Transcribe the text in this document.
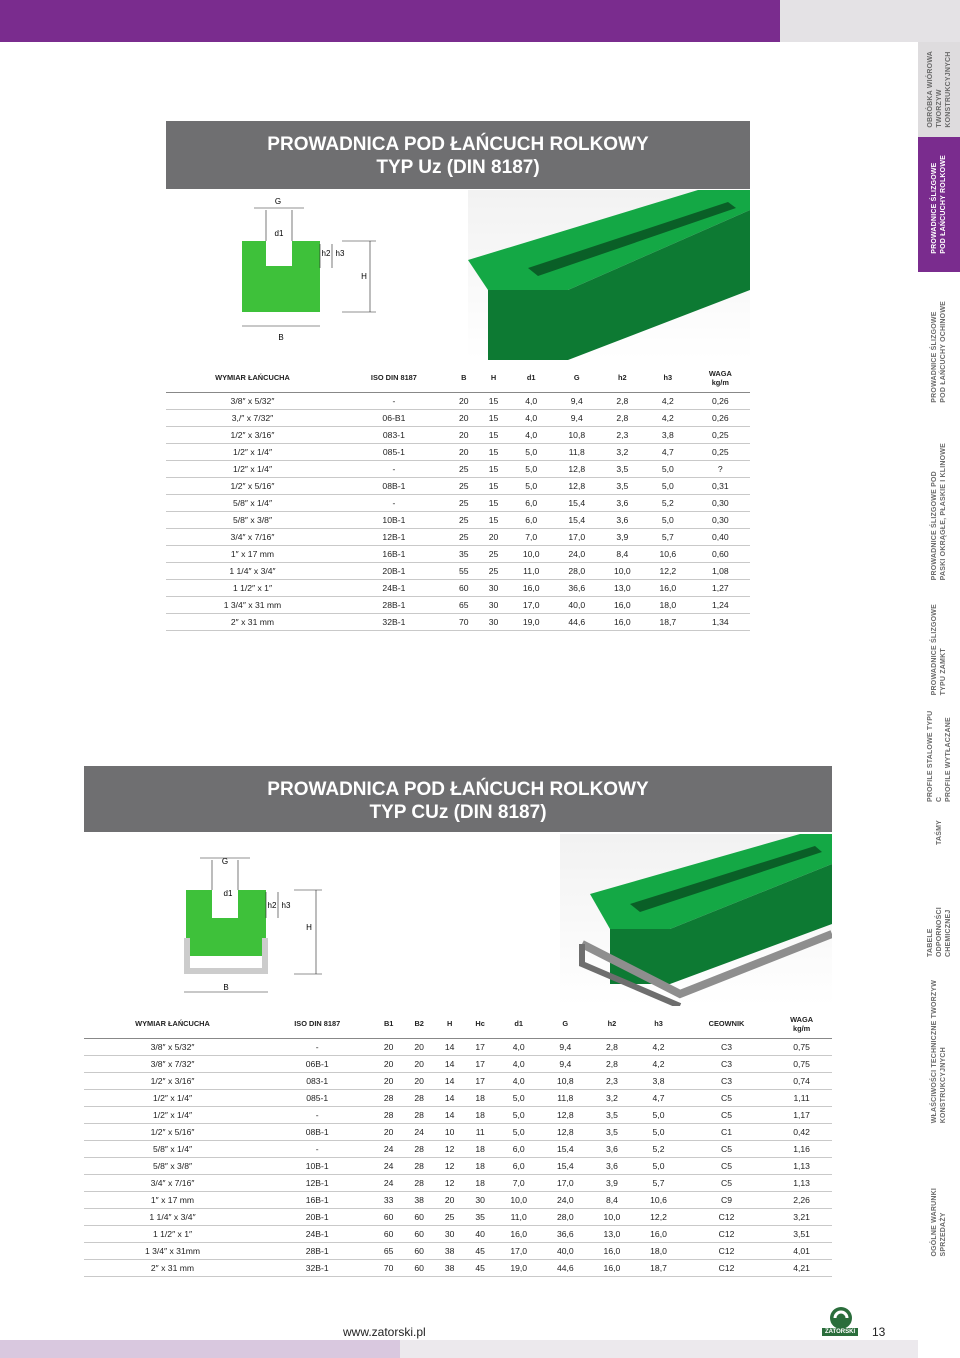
OBRÓBKA WIÓROWA
TWORZYW
KONSTRUKCYJNYCH
PROWADNICE ŚLIZGOWE
POD ŁAŃCUCHY ROLKOWE
PROWADNICE ŚLIZGOWE
POD ŁAŃCUCHY OCHINOWE
PROWADNICE ŚLIZGOWE POD
PASKI OKRĄGŁE, PŁASKIE I KLINOWE
PROWADNICE ŚLIZGOWE
TYPU ZAMKT
PROFILE STALOWE TYPU C
PROFILE WYTŁACZANE
TAŚMY
TABELE
ODPORNOŚCI CHEMICZNEJ
WŁAŚCIWOŚCI TECHNICZNE TWORZYW
KONSTRUKCYJNYCH
OGÓLNE WARUNKI
SPRZEDAŻY
PROWADNICA POD ŁAŃCUCH ROLKOWY
TYP Uz (DIN 8187)
G
d1
h2 h3
H
B
WYMIAR ŁAŃCUCHA	ISO DIN 8187	B	H	d1	G	h2	h3	WAGA
kg/m
3/8″ x 5/32″	-	20	15	4,0	9,4	2,8	4,2	0,26
3,/″ x 7/32″	06-B1	20	15	4,0	9,4	2,8	4,2	0,26
1/2″ x 3/16″	083-1	20	15	4,0	10,8	2,3	3,8	0,25
1/2″ x 1/4″	085-1	20	15	5,0	11,8	3,2	4,7	0,25
1/2″ x 1/4″	-	25	15	5,0	12,8	3,5	5,0	?
1/2″ x 5/16″	08B-1	25	15	5,0	12,8	3,5	5,0	0,31
5/8″ x 1/4″	-	25	15	6,0	15,4	3,6	5,2	0,30
5/8″ x 3/8″	10B-1	25	15	6,0	15,4	3,6	5,0	0,30
3/4″ x 7/16″	12B-1	25	20	7,0	17,0	3,9	5,7	0,40
1″ x 17 mm	16B-1	35	25	10,0	24,0	8,4	10,6	0,60
1 1/4″ x 3/4″	20B-1	55	25	11,0	28,0	10,0	12,2	1,08
1 1/2″ x 1″	24B-1	60	30	16,0	36,6	13,0	16,0	1,27
1 3/4″ x 31 mm	28B-1	65	30	17,0	40,0	16,0	18,0	1,24
2″ x 31 mm	32B-1	70	30	19,0	44,6	16,0	18,7	1,34
PROWADNICA POD ŁAŃCUCH ROLKOWY
TYP CUz (DIN 8187)
G
d1
h2 h3
H
B
WYMIAR ŁAŃCUCHA	ISO DIN 8187	B1	B2	H	Hc	d1	G	h2	h3	CEOWNIK	WAGA
kg/m
3/8″ x 5/32″	-	20	20	14	17	4,0	9,4	2,8	4,2	C3	0,75
3/8″ x 7/32″	06B-1	20	20	14	17	4,0	9,4	2,8	4,2	C3	0,75
1/2″ x 3/16″	083-1	20	20	14	17	4,0	10,8	2,3	3,8	C3	0,74
1/2″ x 1/4″	085-1	28	28	14	18	5,0	11,8	3,2	4,7	C5	1,11
1/2″ x 1/4″	-	28	28	14	18	5,0	12,8	3,5	5,0	C5	1,17
1/2″ x 5/16″	08B-1	20	24	10	11	5,0	12,8	3,5	5,0	C1	0,42
5/8″ x 1/4″	-	24	28	12	18	6,0	15,4	3,6	5,2	C5	1,16
5/8″ x 3/8″	10B-1	24	28	12	18	6,0	15,4	3,6	5,0	C5	1,13
3/4″ x 7/16″	12B-1	24	28	12	18	7,0	17,0	3,9	5,7	C5	1,13
1″ x 17 mm	16B-1	33	38	20	30	10,0	24,0	8,4	10,6	C9	2,26
1 1/4″ x 3/4″	20B-1	60	60	25	35	11,0	28,0	10,0	12,2	C12	3,21
1 1/2″ x 1″	24B-1	60	60	30	40	16,0	36,6	13,0	16,0	C12	3,51
1 3/4″ x 31mm	28B-1	65	60	38	45	17,0	40,0	16,0	18,0	C12	4,01
2″ x 31 mm	32B-1	70	60	38	45	19,0	44,6	16,0	18,7	C12	4,21
ZATORSKI
www.zatorski.pl	13
